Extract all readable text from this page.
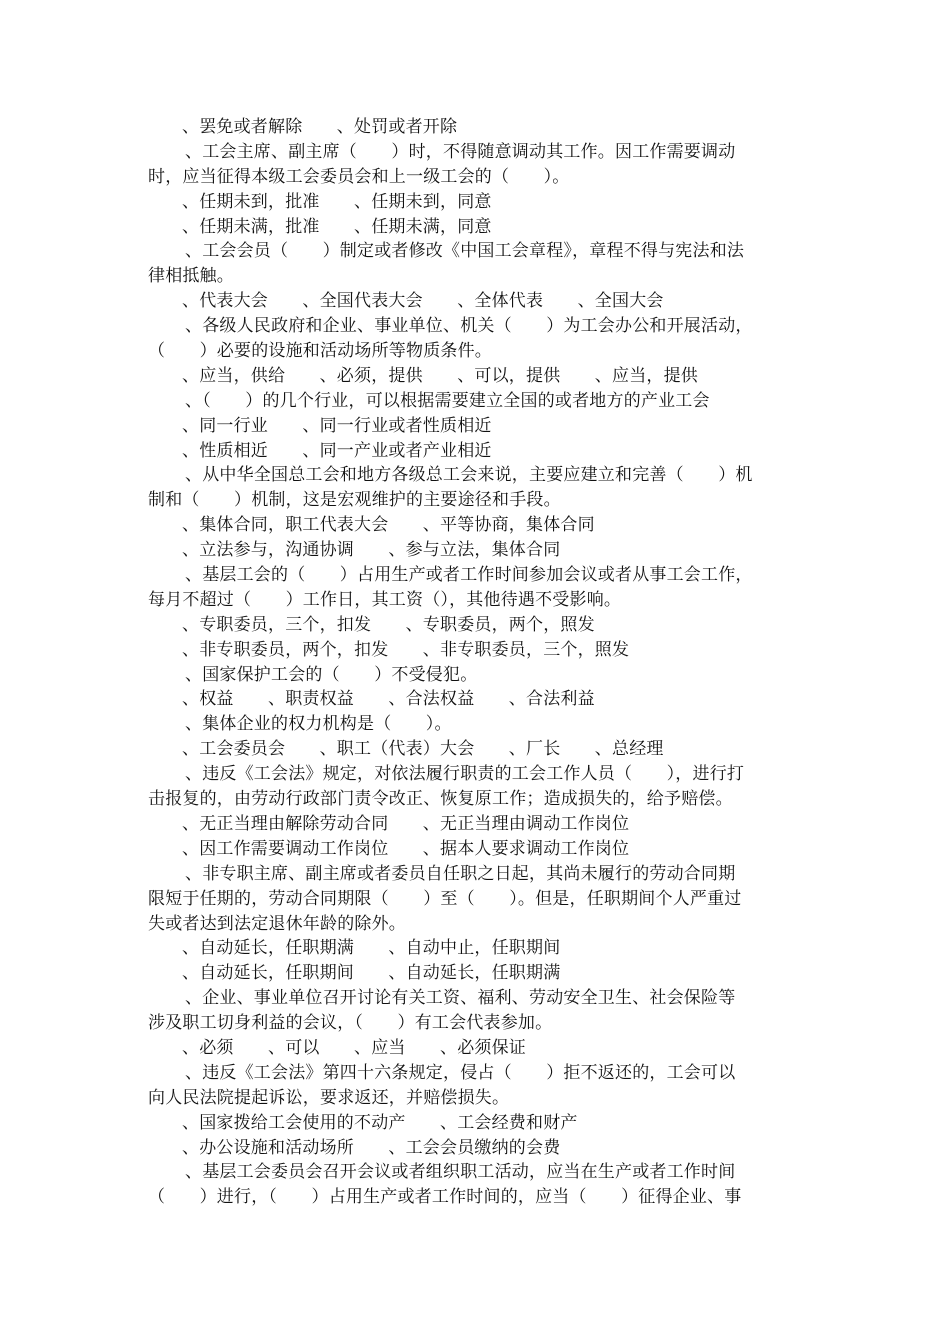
、罢免或者解除　　、处罚或者开除
、工会主席、副主席（　　）时，不得随意调动其工作。因工作需要调动
时，应当征得本级工会委员会和上一级工会的（　　）。
、任期未到，批准　　、任期未到，同意
、任期未满，批准　　、任期未满，同意
、工会会员（　　）制定或者修改《中国工会章程》，章程不得与宪法和法
律相抵触。
、代表大会　　、全国代表大会　　、全体代表　　、全国大会
、各级人民政府和企业、事业单位、机关（　　）为工会办公和开展活动，
（　　）必要的设施和活动场所等物质条件。
、应当，供给　　、必须，提供　　、可以，提供　　、应当，提供
、（　　）的几个行业，可以根据需要建立全国的或者地方的产业工会
、同一行业　　、同一行业或者性质相近
、性质相近　　、同一产业或者产业相近
、从中华全国总工会和地方各级总工会来说，主要应建立和完善（　　）机
制和（　　）机制，这是宏观维护的主要途径和手段。
、集体合同，职工代表大会　　、平等协商，集体合同
、立法参与，沟通协调　　、参与立法，集体合同
、基层工会的（　　）占用生产或者工作时间参加会议或者从事工会工作，
每月不超过（　　）工作日，其工资（），其他待遇不受影响。
、专职委员，三个，扣发　　、专职委员，两个，照发
、非专职委员，两个，扣发　　、非专职委员，三个，照发
、国家保护工会的（　　）不受侵犯。
、权益　　、职责权益　　、合法权益　　、合法利益
、集体企业的权力机构是（　　）。
、工会委员会　　、职工（代表）大会　　、厂长　　、总经理
、违反《工会法》规定，对依法履行职责的工会工作人员（　　），进行打
击报复的，由劳动行政部门责令改正、恢复原工作；造成损失的，给予赔偿。
、无正当理由解除劳动合同　　、无正当理由调动工作岗位
、因工作需要调动工作岗位　　、据本人要求调动工作岗位
、非专职主席、副主席或者委员自任职之日起，其尚未履行的劳动合同期
限短于任期的，劳动合同期限（　　）至（　　）。但是，任职期间个人严重过
失或者达到法定退休年龄的除外。
、自动延长，任职期满　　、自动中止，任职期间
、自动延长，任职期间　　、自动延长，任职期满
、企业、事业单位召开讨论有关工资、福利、劳动安全卫生、社会保险等
涉及职工切身利益的会议，（　　）有工会代表参加。
、必须　　、可以　　、应当　　、必须保证
、违反《工会法》第四十六条规定，侵占（　　）拒不返还的，工会可以
向人民法院提起诉讼，要求返还，并赔偿损失。
、国家拨给工会使用的不动产　　、工会经费和财产
、办公设施和活动场所　　、工会会员缴纳的会费
、基层工会委员会召开会议或者组织职工活动，应当在生产或者工作时间
（　　）进行，（　　）占用生产或者工作时间的，应当（　　）征得企业、事
